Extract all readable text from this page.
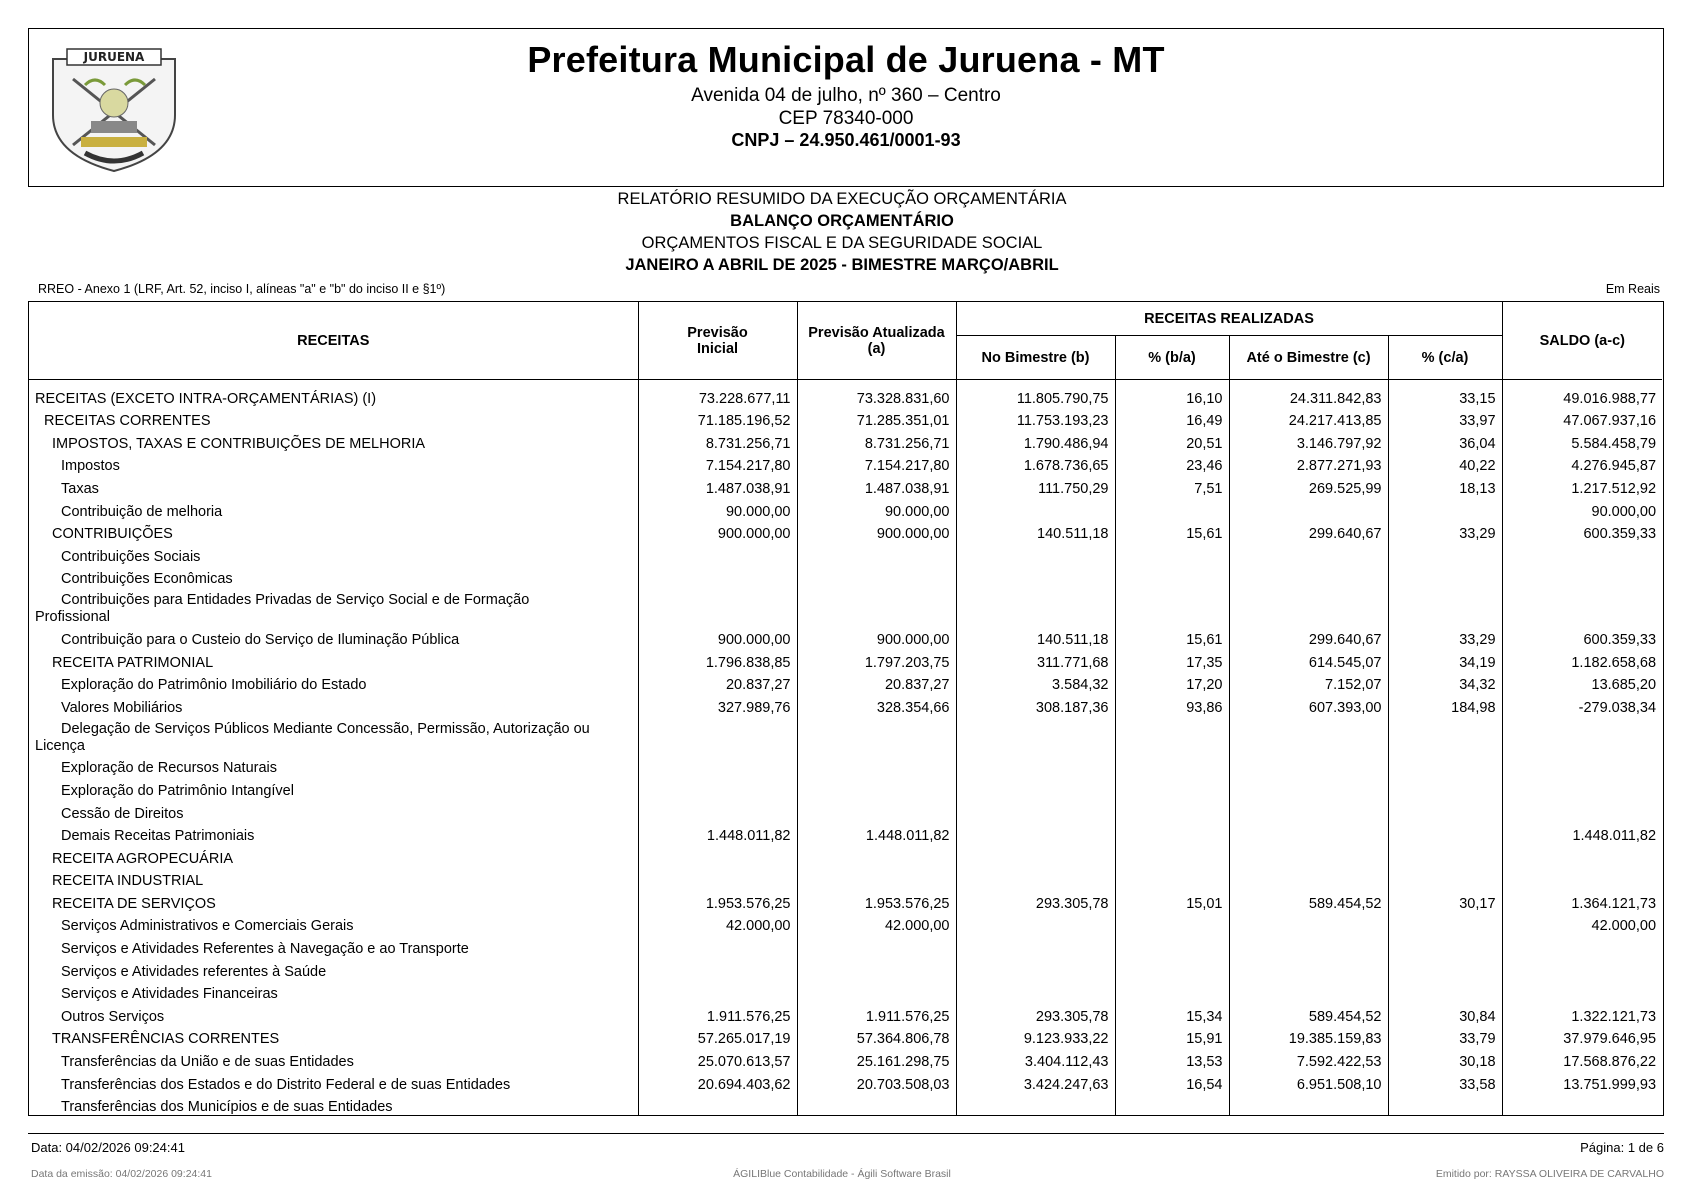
JURUENA	Prefeitura Municipal de Juruena - MT
Avenida 04 de julho, nº 360 – Centro
CEP 78340-000
CNPJ – 24.950.461/0001-93
RELATÓRIO RESUMIDO DA EXECUÇÃO ORÇAMENTÁRIA
BALANÇO ORÇAMENTÁRIO
ORÇAMENTOS FISCAL E DA SEGURIDADE SOCIAL
JANEIRO A ABRIL DE 2025 - BIMESTRE MARÇO/ABRIL
RREO - Anexo 1 (LRF, Art. 52, inciso I, alíneas "a" e "b" do inciso II e §1º)	Em Reais
RECEITAS	Previsão Inicial	Previsão Atualizada (a)	RECEITAS REALIZADAS				SALDO (a-c)
			No Bimestre (b)	% (b/a)	Até o Bimestre (c)	% (c/a)	
RECEITAS (EXCETO INTRA-ORÇAMENTÁRIAS) (I)	73.228.677,11	73.328.831,60	11.805.790,75	16,10	24.311.842,83	33,15	49.016.988,77
RECEITAS CORRENTES	71.185.196,52	71.285.351,01	11.753.193,23	16,49	24.217.413,85	33,97	47.067.937,16
IMPOSTOS, TAXAS E CONTRIBUIÇÕES DE MELHORIA	8.731.256,71	8.731.256,71	1.790.486,94	20,51	3.146.797,92	36,04	5.584.458,79
Impostos	7.154.217,80	7.154.217,80	1.678.736,65	23,46	2.877.271,93	40,22	4.276.945,87
Taxas	1.487.038,91	1.487.038,91	111.750,29	7,51	269.525,99	18,13	1.217.512,92
Contribuição de melhoria	90.000,00	90.000,00					90.000,00
CONTRIBUIÇÕES	900.000,00	900.000,00	140.511,18	15,61	299.640,67	33,29	600.359,33
Contribuições Sociais							
Contribuições Econômicas							

Contribuições para Entidades Privadas de Serviço Social e de Formação
Profissional							
Contribuição para o Custeio do Serviço de Iluminação Pública	900.000,00	900.000,00	140.511,18	15,61	299.640,67	33,29	600.359,33
RECEITA PATRIMONIAL	1.796.838,85	1.797.203,75	311.771,68	17,35	614.545,07	34,19	1.182.658,68
Exploração do Patrimônio Imobiliário do Estado	20.837,27	20.837,27	3.584,32	17,20	7.152,07	34,32	13.685,20
Valores Mobiliários	327.989,76	328.354,66	308.187,36	93,86	607.393,00	184,98	-279.038,34

Delegação de Serviços Públicos Mediante Concessão, Permissão, Autorização ou
Licença							
Exploração de Recursos Naturais							
Exploração do Patrimônio Intangível							
Cessão de Direitos							
Demais Receitas Patrimoniais	1.448.011,82	1.448.011,82					1.448.011,82
RECEITA AGROPECUÁRIA							
RECEITA INDUSTRIAL							
RECEITA DE SERVIÇOS	1.953.576,25	1.953.576,25	293.305,78	15,01	589.454,52	30,17	1.364.121,73
Serviços Administrativos e Comerciais Gerais	42.000,00	42.000,00					42.000,00
Serviços e Atividades Referentes à Navegação e ao Transporte							
Serviços e Atividades referentes à Saúde							
Serviços e Atividades Financeiras							
Outros Serviços	1.911.576,25	1.911.576,25	293.305,78	15,34	589.454,52	30,84	1.322.121,73
TRANSFERÊNCIAS CORRENTES	57.265.017,19	57.364.806,78	9.123.933,22	15,91	19.385.159,83	33,79	37.979.646,95
Transferências da União e de suas Entidades	25.070.613,57	25.161.298,75	3.404.112,43	13,53	7.592.422,53	30,18	17.568.876,22
Transferências dos Estados e do Distrito Federal e de suas Entidades	20.694.403,62	20.703.508,03	3.424.247,63	16,54	6.951.508,10	33,58	13.751.999,93
Transferências dos Municípios e de suas Entidades							
Data: 04/02/2026 09:24:41	Página: 1 de 6
Data da emissão: 04/02/2026 09:24:41	ÁGILIBlue Contabilidade - Ágili Software Brasil	Emitido por: RAYSSA OLIVEIRA DE CARVALHO
